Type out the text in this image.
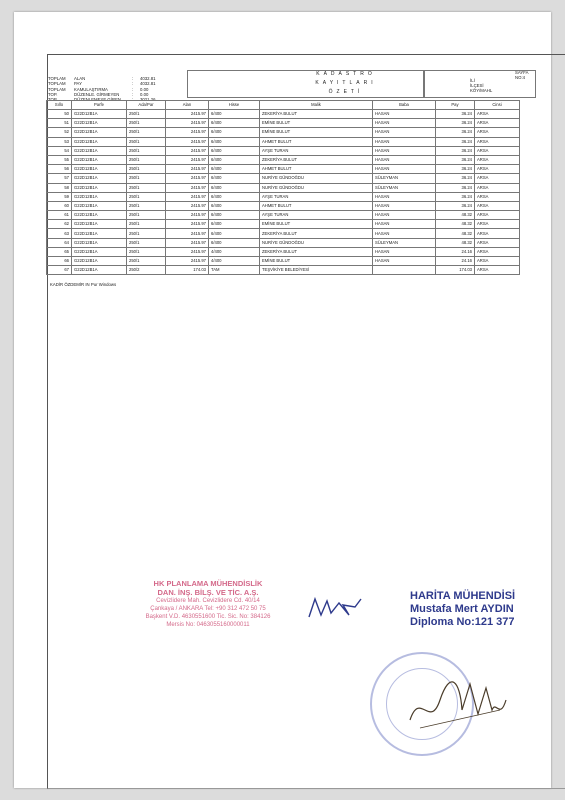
TOPLAM	ALAN	:	4032.81
TOPLAM	PAY	:	4032.81
TOPLAM	KAMULAŞTIRMA	:	0.00
TOP.	DÜZENLE. GİRMEYEN	:	0.00
TOP.	DÜZENLEMEYE GİREN	:	3021.26
KADASTRO
KAYITLARI
ÖZETİ
SAYFA NO:4
İLİ
İLÇESİ
KÖY/MAHL
Sıllo	Parfe	Ada/Par	Alan	Hisse	Malik	Baba	Pay	Cinsi
50	G22D12B1A	250/1	2415.97	6/400	ZEKERİYA BULUT	HASAN	36.24	ARSA
51	G22D12B1A	250/1	2415.97	6/400	EMİNE BULUT	HASAN	36.24	ARSA
52	G22D12B1A	250/1	2415.97	6/400	EMİNE BULUT	HASAN	36.24	ARSA
53	G22D12B1A	250/1	2415.97	6/400	AHMET BULUT	HASAN	36.24	ARSA
54	G22D12B1A	250/1	2415.97	6/400	AYŞE TURAN	HASAN	36.24	ARSA
55	G22D12B1A	250/1	2415.97	6/400	ZEKERİYA BULUT	HASAN	36.24	ARSA
56	G22D12B1A	250/1	2415.97	6/400	AHMET BULUT	HASAN	36.24	ARSA
57	G22D12B1A	250/1	2415.97	6/400	NURİYE GÜNDOĞDU	SÜLEYMAN	36.24	ARSA
58	G22D12B1A	250/1	2415.97	6/400	NURİYE GÜNDOĞDU	SÜLEYMAN	36.24	ARSA
59	G22D12B1A	250/1	2415.97	6/400	AYŞE TURAN	HASAN	36.24	ARSA
60	G22D12B1A	250/1	2415.97	6/400	AHMET BULUT	HASAN	36.24	ARSA
61	G22D12B1A	250/1	2415.97	6/400	AYŞE TURAN	HASAN	48.32	ARSA
62	G22D12B1A	250/1	2415.97	6/400	EMİNE BULUT	HASAN	48.32	ARSA
63	G22D12B1A	250/1	2415.97	6/400	ZEKERİYA BULUT	HASAN	48.32	ARSA
64	G22D12B1A	250/1	2415.97	6/400	NURİYE GÜNDOĞDU	SÜLEYMAN	48.32	ARSA
65	G22D12B1A	250/1	2415.97	4/400	ZEKERİYA BULUT	HASAN	24.16	ARSA
66	G22D12B1A	250/1	2415.97	4/400	EMİNE BULUT	HASAN	24.16	ARSA
67	G22D12B1A	250/2	174.03	TAM	TEŞVİKİYE BELEDİYESİ		174.03	ARSA
KADİR ÖZDEMİR IN Pur Windows
HK PLANLAMA MÜHENDİSLİK
DAN. İNŞ. BİLŞ. VE TİC. A.Ş.
Cevizlidere Mah. Cevizlidere Cd. 40/14
Çankaya / ANKARA Tel: +90 312 472 50 75
Başkent V.D. 4630551600 Tic. Sic. No: 384126
Mersis No: 0463055160000011
HARİTA MÜHENDİSİ
Mustafa Mert AYDIN
Diploma No:121 377
